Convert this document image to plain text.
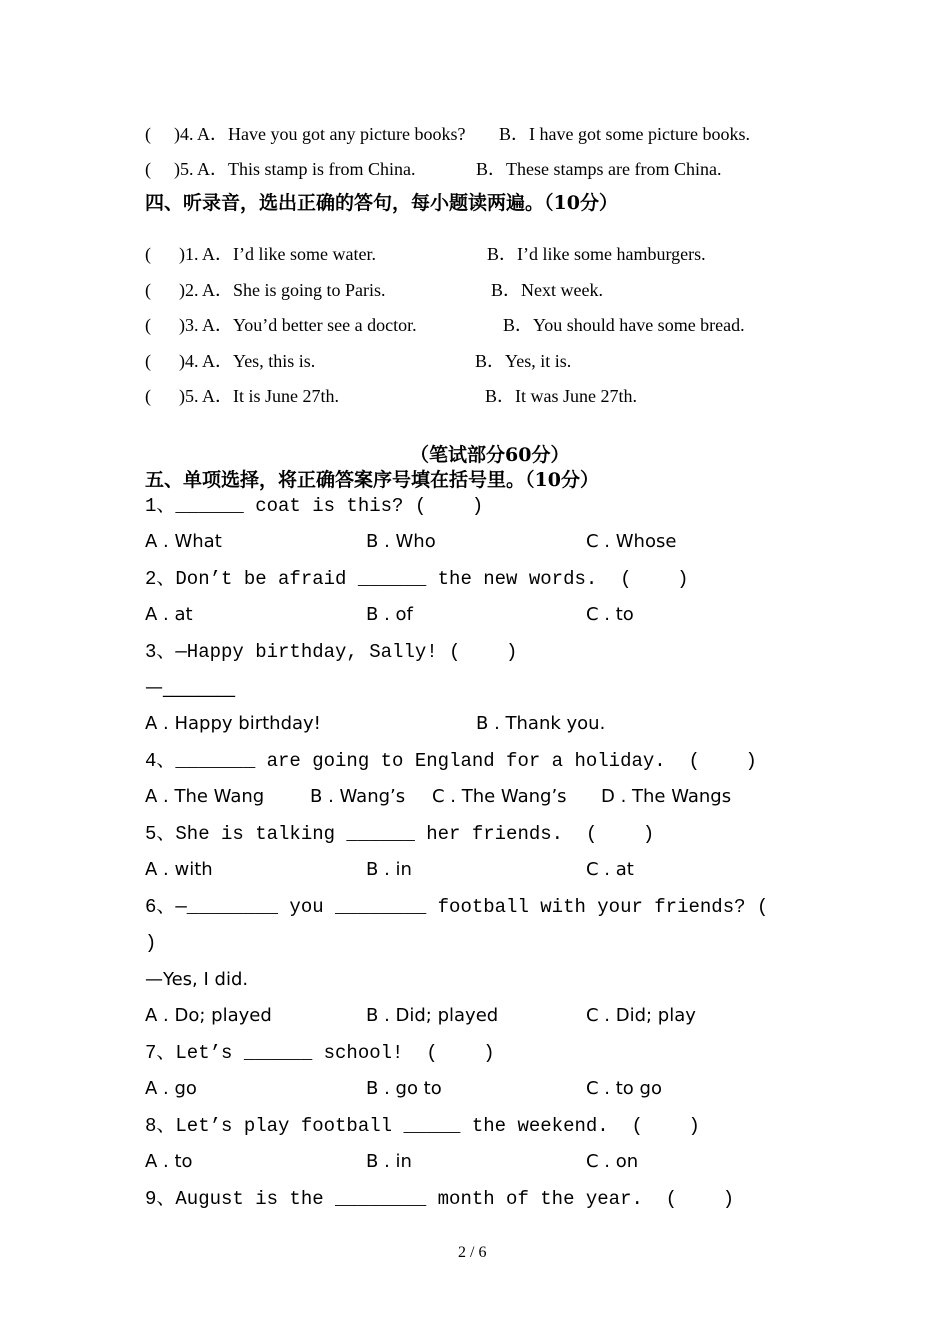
( )4. A．Have you got any picture books? B．I have got some picture books.
( )5. A．This stamp is from China.	B．These stamps are from China.
四、听录音，选出正确的答句，每小题读两遍。（10分）
( )1. A．I’d like some water.	B．I’d like some hamburgers.
( )2. A．She is going to Paris.	B．Next week.
( )3. A．You’d better see a doctor.	B．You should have some bread.
( )4. A．Yes, this is.	B．Yes, it is.
( )5. A．It is June 27th.	B．It was June 27th.
（笔试部分60分）
五、单项选择，将正确答案序号填在括号里。（10分）
1、______ coat is this? (    )
A . What	B . Who	C . Whose
2、Don’t be afraid ______ the new words.  (    )
A . at	B . of	C . to
3、—Happy birthday, Sally! (    )
—________
A . Happy birthday!	B . Thank you.
4、_______ are going to England for a holiday.  (    )
A . The Wang	B . Wang’s C . The Wang’s D . The Wangs
5、She is talking ______ her friends.  (    )
A . with	B . in	C . at
6、—________ you ________ football with your friends? (
)
—Yes, I did.
A . Do; played	B . Did; played	C . Did; play
7、Let’s ______ school!  (    )
A . go	B . go to	C . to go
8、Let’s play football _____ the weekend.  (    )
A . to	B . in	C . on
9、August is the ________ month of the year.  (    )
2 / 6
